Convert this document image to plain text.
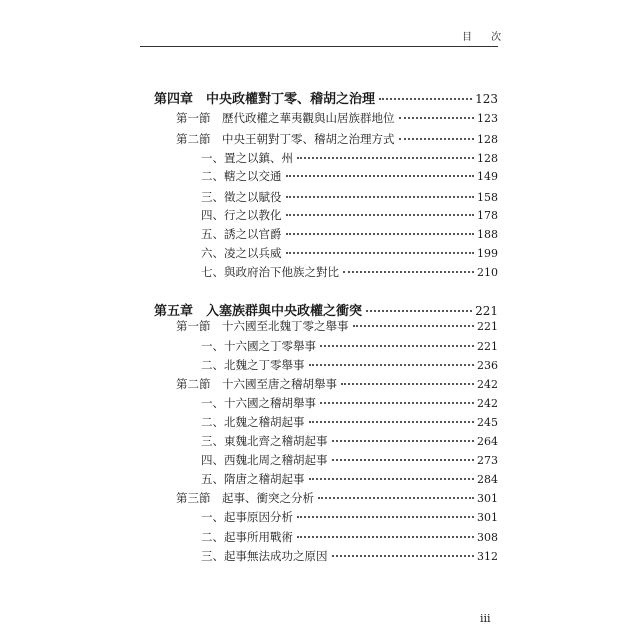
目 次
第四章　中央政權對丁零、稽胡之治理	123
第一節　歷代政權之華夷觀與山居族群地位	123
第二節　中央王朝對丁零、稽胡之治理方式	128
一、置之以鎮、州	128
二、轄之以交通	149
三、徵之以賦役	158
四、行之以教化	178
五、誘之以官爵	188
六、凌之以兵威	199
七、與政府治下他族之對比	210
第五章　入塞族群與中央政權之衝突	221
第一節　十六國至北魏丁零之舉事	221
一、十六國之丁零舉事	221
二、北魏之丁零舉事	236
第二節　十六國至唐之稽胡舉事	242
一、十六國之稽胡舉事	242
二、北魏之稽胡起事	245
三、東魏北齊之稽胡起事	264
四、西魏北周之稽胡起事	273
五、隋唐之稽胡起事	284
第三節　起事、衝突之分析	301
一、起事原因分析	301
二、起事所用戰術	308
三、起事無法成功之原因	312
iii
